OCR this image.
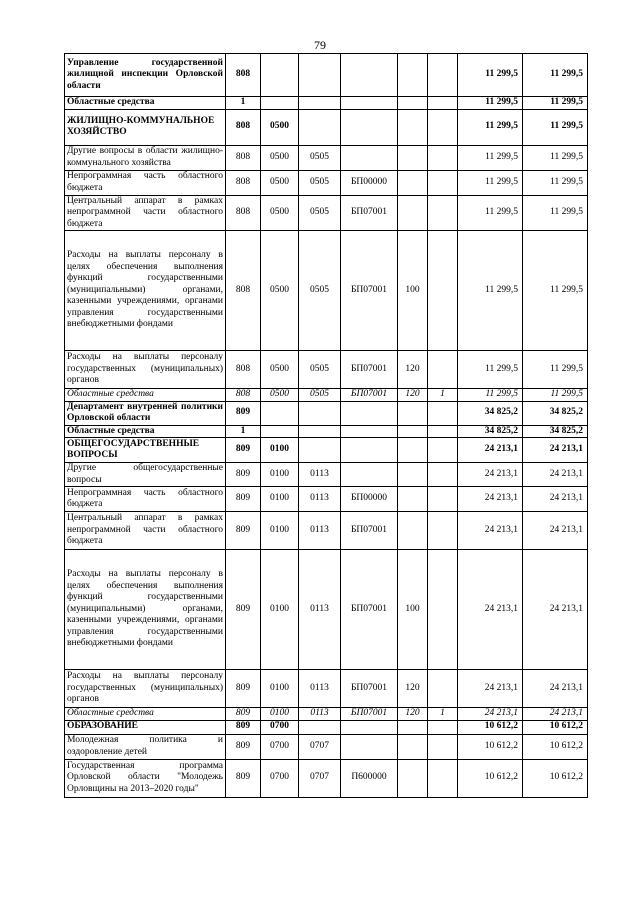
79
Управление государственной жилищной инспекции Орловской области	808						11 299,5	11 299,5
Областные средства	1						11 299,5	11 299,5
ЖИЛИЩНО-КОММУНАЛЬНОЕ ХОЗЯЙСТВО	808	0500					11 299,5	11 299,5
Другие вопросы в области жилищно-коммунального хозяйства	808	0500	0505				11 299,5	11 299,5
Непрограммная часть областного бюджета	808	0500	0505	БП00000			11 299,5	11 299,5
Центральный аппарат в рамках непрограммной части областного бюджета	808	0500	0505	БП07001			11 299,5	11 299,5
Расходы на выплаты персоналу в целях обеспечения выполнения функций государственными (муниципальными) органами, казенными учреждениями, органами управления государственными внебюджетными фондами	808	0500	0505	БП07001	100		11 299,5	11 299,5
Расходы на выплаты персоналу государственных (муниципальных) органов	808	0500	0505	БП07001	120		11 299,5	11 299,5
Областные средства	808	0500	0505	БП07001	120	1	11 299,5	11 299,5
Департамент внутренней политики Орловской области	809						34 825,2	34 825,2
Областные средства	1						34 825,2	34 825,2
ОБЩЕГОСУДАРСТВЕННЫЕ ВОПРОСЫ	809	0100					24 213,1	24 213,1
Другие общегосударственные вопросы	809	0100	0113				24 213,1	24 213,1
Непрограммная часть областного бюджета	809	0100	0113	БП00000			24 213,1	24 213,1
Центральный аппарат в рамках непрограммной части областного бюджета	809	0100	0113	БП07001			24 213,1	24 213,1
Расходы на выплаты персоналу в целях обеспечения выполнения функций государственными (муниципальными) органами, казенными учреждениями, органами управления государственными внебюджетными фондами	809	0100	0113	БП07001	100		24 213,1	24 213,1
Расходы на выплаты персоналу государственных (муниципальных) органов	809	0100	0113	БП07001	120		24 213,1	24 213,1
Областные средства	809	0100	0113	БП07001	120	1	24 213,1	24 213,1
ОБРАЗОВАНИЕ	809	0700					10 612,2	10 612,2
Молодежная политика и оздоровление детей	809	0700	0707				10 612,2	10 612,2
Государственная программа Орловской области "Молодежь Орловщины на 2013–2020 годы"	809	0700	0707	П600000			10 612,2	10 612,2
